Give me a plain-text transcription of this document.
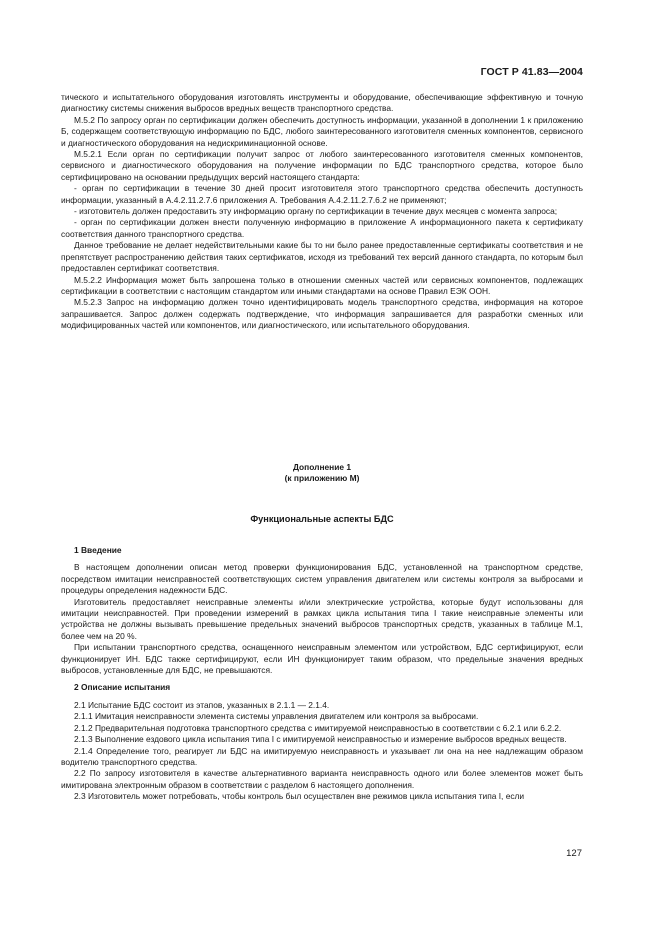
ГОСТ Р 41.83—2004

тического и испытательного оборудования изготовлять инструменты и оборудование, обеспечивающие эффективную и точную диагностику системы снижения выбросов вредных веществ транспортного средства.

М.5.2 По запросу орган по сертификации должен обеспечить доступность информации, указанной в дополнении 1 к приложению Б, содержащем соответствующую информацию по БДС, любого заинтересованного изготовителя сменных компонентов, сервисного и диагностического оборудования на недискриминационной основе.

М.5.2.1 Если орган по сертификации получит запрос от любого заинтересованного изготовителя сменных компонентов, сервисного и диагностического оборудования на получение информации по БДС транспортного средства, которое было сертифицировано на основании предыдущих версий настоящего стандарта:

- орган по сертификации в течение 30 дней просит изготовителя этого транспортного средства обеспечить доступность информации, указанный в А.4.2.11.2.7.6 приложения А. Требования А.4.2.11.2.7.6.2 не применяют;

- изготовитель должен предоставить эту информацию органу по сертификации в течение двух месяцев с момента запроса;

- орган по сертификации должен внести полученную информацию в приложение А информационного пакета к сертификату соответствия данного транспортного средства.

Данное требование не делает недействительными какие бы то ни было ранее предоставленные сертификаты соответствия и не препятствует распространению действия таких сертификатов, исходя из требований тех версий данного стандарта, по которым был предоставлен сертификат соответствия.

М.5.2.2 Информация может быть запрошена только в отношении сменных частей или сервисных компонентов, подлежащих сертификации в соответствии с настоящим стандартом или иными стандартами на основе Правил ЕЭК ООН.

М.5.2.3 Запрос на информацию должен точно идентифицировать модель транспортного средства, информация на которое запрашивается. Запрос должен содержать подтверждение, что информация запрашивается для разработки сменных или модифицированных частей или компонентов, или диагностического, или испытательного оборудования.

Дополнение 1
(к приложению М)
Функциональные аспекты БДС

1 Введение

В настоящем дополнении описан метод проверки функционирования БДС, установленной на транспортном средстве, посредством имитации неисправностей соответствующих систем управления двигателем или системы контроля за выбросами и процедуры определения надежности БДС.

Изготовитель предоставляет неисправные элементы и/или электрические устройства, которые будут использованы для имитации неисправностей. При проведении измерений в рамках цикла испытания типа I такие неисправные элементы или устройства не должны вызывать превышение предельных значений выбросов транспортных средств, указанных в таблице М.1, более чем на 20 %.

При испытании транспортного средства, оснащенного неисправным элементом или устройством, БДС сертифицируют, если функционирует ИН. БДС также сертифицируют, если ИН функционирует таким образом, что предельные значения вредных выбросов, установленные для БДС, не превышаются.

2 Описание испытания

2.1 Испытание БДС состоит из этапов, указанных в 2.1.1 — 2.1.4.

2.1.1 Имитация неисправности элемента системы управления двигателем или контроля за выбросами.

2.1.2 Предварительная подготовка транспортного средства с имитируемой неисправностью в соответствии с 6.2.1 или 6.2.2.

2.1.3 Выполнение ездового цикла испытания типа I с имитируемой неисправностью и измерение выбросов вредных веществ.

2.1.4 Определение того, реагирует ли БДС на имитируемую неисправность и указывает ли она на нее надлежащим образом водителю транспортного средства.

2.2 По запросу изготовителя в качестве альтернативного варианта неисправность одного или более элементов может быть имитирована электронным образом в соответствии с разделом 6 настоящего дополнения.

2.3 Изготовитель может потребовать, чтобы контроль был осуществлен вне режимов цикла испытания типа I, если

127
